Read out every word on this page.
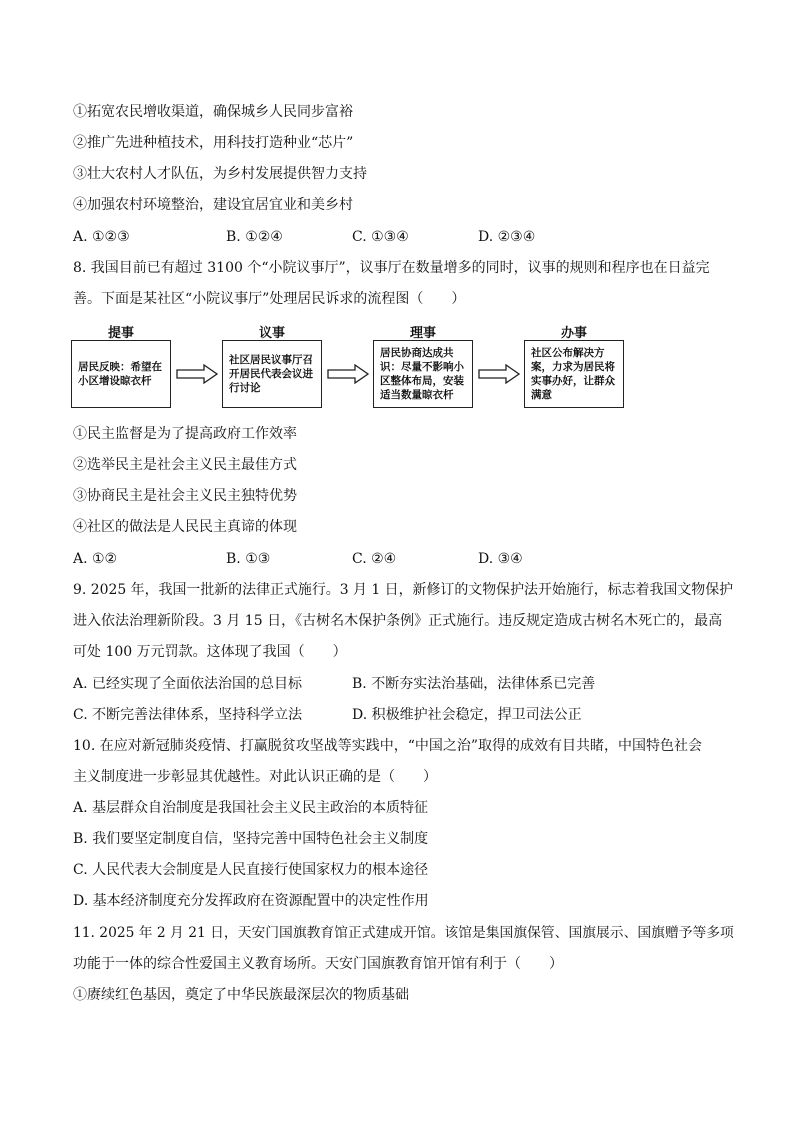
①拓宽农民增收渠道，确保城乡人民同步富裕
②推广先进种植技术，用科技打造种业“芯片”
③壮大农村人才队伍，为乡村发展提供智力支持
④加强农村环境整治，建设宜居宜业和美乡村
A. ①②③	B. ①②④	C. ①③④	D. ②③④
8. 我国目前已有超过 3100 个“小院议事厅”，议事厅在数量增多的同时，议事的规则和程序也在日益完
善。下面是某社区“小院议事厅”处理居民诉求的流程图（　　）
提事	议事	理事	办事
居民反映：希望在小区增设晾衣杆
社区居民议事厅召开居民代表会议进行讨论
居民协商达成共识：尽量不影响小区整体布局，安装适当数量晾衣杆
社区公布解决方案，力求为居民将实事办好，让群众满意
①民主监督是为了提高政府工作效率
②选举民主是社会主义民主最佳方式
③协商民主是社会主义民主独特优势
④社区的做法是人民民主真谛的体现
A. ①②	B. ①③	C. ②④	D. ③④
9. 2025 年，我国一批新的法律正式施行。3 月 1 日，新修订的文物保护法开始施行，标志着我国文物保护
进入依法治理新阶段。3 月 15 日，《古树名木保护条例》正式施行。违反规定造成古树名木死亡的，最高
可处 100 万元罚款。这体现了我国（　　）
A. 已经实现了全面依法治国的总目标	B. 不断夯实法治基础，法律体系已完善
C. 不断完善法律体系，坚持科学立法	D. 积极维护社会稳定，捍卫司法公正
10. 在应对新冠肺炎疫情、打赢脱贫攻坚战等实践中，“中国之治”取得的成效有目共睹，中国特色社会
主义制度进一步彰显其优越性。对此认识正确的是（　　）
A. 基层群众自治制度是我国社会主义民主政治的本质特征
B. 我们要坚定制度自信，坚持完善中国特色社会主义制度
C. 人民代表大会制度是人民直接行使国家权力的根本途径
D. 基本经济制度充分发挥政府在资源配置中的决定性作用
11. 2025 年 2 月 21 日，天安门国旗教育馆正式建成开馆。该馆是集国旗保管、国旗展示、国旗赠予等多项
功能于一体的综合性爱国主义教育场所。天安门国旗教育馆开馆有利于（　　）
①赓续红色基因，奠定了中华民族最深层次的物质基础
